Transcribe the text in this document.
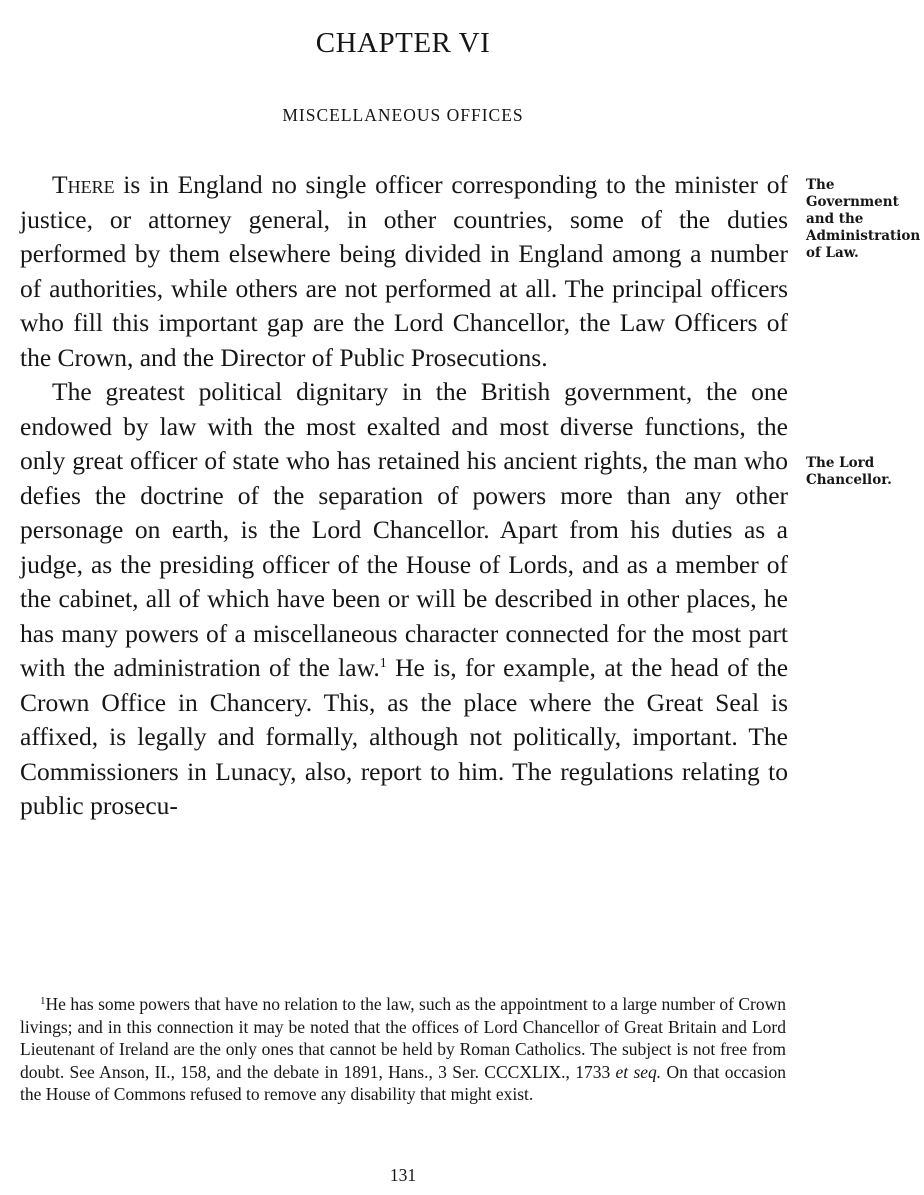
CHAPTER VI
MISCELLANEOUS OFFICES

There is in England no single officer corresponding to the minister of justice, or attorney general, in other countries, some of the duties performed by them elsewhere being divided in England among a number of authorities, while others are not performed at all. The principal officers who fill this important gap are the Lord Chancellor, the Law Officers of the Crown, and the Director of Public Prosecutions.

The greatest political dignitary in the British government, the one endowed by law with the most exalted and most diverse functions, the only great officer of state who has retained his ancient rights, the man who defies the doctrine of the separation of powers more than any other personage on earth, is the Lord Chancellor. Apart from his duties as a judge, as the presiding officer of the House of Lords, and as a member of the cabinet, all of which have been or will be described in other places, he has many powers of a miscellaneous character connected for the most part with the administration of the law.$^1$ He is, for example, at the head of the Crown Office in Chancery. This, as the place where the Great Seal is affixed, is legally and formally, although not politically, important. The Commissioners in Lunacy, also, report to him. The regulations relating to public prosecu-

The Government and the Administration of Law.

The Lord Chancellor.

$^1$He has some powers that have no relation to the law, such as the appointment to a large number of Crown livings; and in this connection it may be noted that the offices of Lord Chancellor of Great Britain and Lord Lieutenant of Ireland are the only ones that cannot be held by Roman Catholics. The subject is not free from doubt. See Anson, II., 158, and the debate in 1891, Hans., 3 Ser. CCCXLIX., 1733 et seq. On that occasion the House of Commons refused to remove any disability that might exist.

131
